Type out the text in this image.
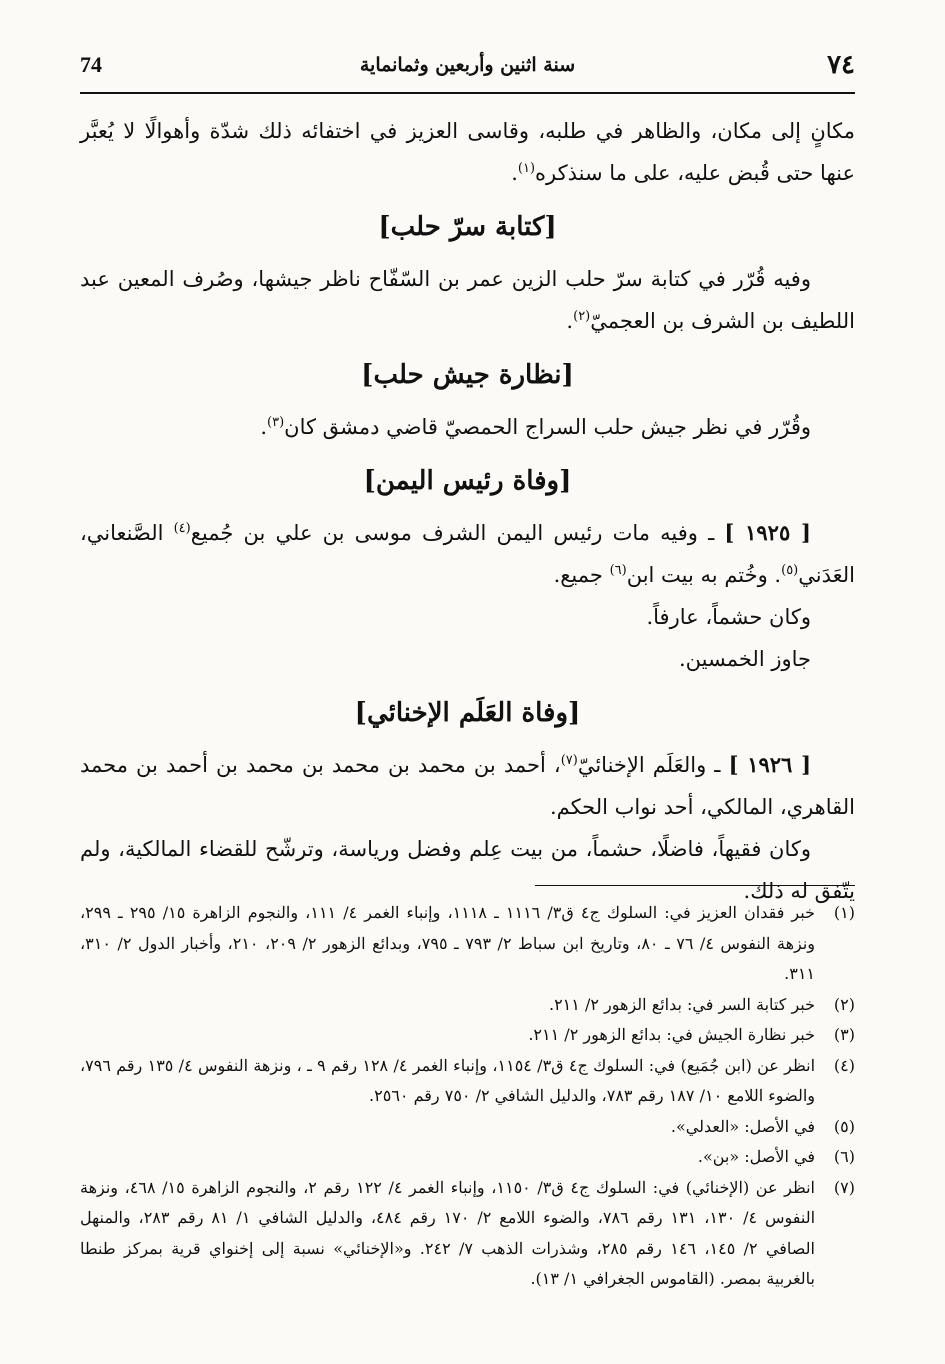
74	سنة اثنين وأربعين وثمانماية	٧٤

مكانٍ إلى مكان، والظاهر في طلبه، وقاسى العزيز في اختفائه ذلك شدّة وأهوالًا لا يُعبَّر عنها حتى قُبض عليه، على ما سنذكره$^{(١)}$.

[كتابة سرّ حلب]

وفيه قُرّر في كتابة سرّ حلب الزين عمر بن السّفّاح ناظر جيشها، وصُرف المعين عبد اللطيف بن الشرف بن العجميّ$^{(٢)}$.

[نظارة جيش حلب]

وقُرّر في نظر جيش حلب السراج الحمصيّ قاضي دمشق كان$^{(٣)}$.

[وفاة رئيس اليمن]

[ ١٩٢٥ ] ـ وفيه مات رئيس اليمن الشرف موسى بن علي بن جُميع$^{(٤)}$ الصَّنعاني، العَدَني$^{(٥)}$. وخُتم به بيت ابن$^{(٦)}$ جميع.

وكان حشماً، عارفاً.

جاوز الخمسين.

[وفاة العَلَم الإخنائي]

[ ١٩٢٦ ] ـ والعَلَم الإخنائيّ$^{(٧)}$، أحمد بن محمد بن محمد بن محمد بن أحمد بن محمد القاهري، المالكي، أحد نواب الحكم.

وكان فقيهاً، فاضلًا، حشماً، من بيت عِلم وفضل ورياسة، وترشّح للقضاء المالكية، ولم يتّفق له ذلك.

(١)
خبر فقدان العزيز في: السلوك ج٤ ق٣/ ١١١٦ ـ ١١١٨، وإنباء الغمر ٤/ ١١١، والنجوم الزاهرة ١٥/ ٢٩٥ ـ ٢٩٩، ونزهة النفوس ٤/ ٧٦ ـ ٨٠، وتاريخ ابن سباط ٢/ ٧٩٣ ـ ٧٩٥، وبدائع الزهور ٢/ ٢٠٩، ٢١٠، وأخبار الدول ٢/ ٣١٠، ٣١١.
(٢)
خبر كتابة السر في: بدائع الزهور ٢/ ٢١١.
(٣)
خبر نظارة الجيش في: بدائع الزهور ٢/ ٢١١.
(٤)
انظر عن (ابن جُمَيع) في: السلوك ج٤ ق٣/ ١١٥٤، وإنباء الغمر ٤/ ١٢٨ رقم ٩ ـ ، ونزهة النفوس ٤/ ١٣٥ رقم ٧٩٦، والضوء اللامع ١٠/ ١٨٧ رقم ٧٨٣، والدليل الشافي ٢/ ٧٥٠ رقم ٢٥٦٠.
(٥)
في الأصل: «العدلي».
(٦)
في الأصل: «بن».
(٧)
انظر عن (الإخنائي) في: السلوك ج٤ ق٣/ ١١٥٠، وإنباء الغمر ٤/ ١٢٢ رقم ٢، والنجوم الزاهرة ١٥/ ٤٦٨، ونزهة النفوس ٤/ ١٣٠، ١٣١ رقم ٧٨٦، والضوء اللامع ٢/ ١٧٠ رقم ٤٨٤، والدليل الشافي ١/ ٨١ رقم ٢٨٣، والمنهل الصافي ٢/ ١٤٥، ١٤٦ رقم ٢٨٥، وشذرات الذهب ٧/ ٢٤٢. و«الإخنائي» نسبة إلى إخنواي قرية بمركز طنطا بالغربية بمصر. (القاموس الجغرافي ١/ ١٣).
